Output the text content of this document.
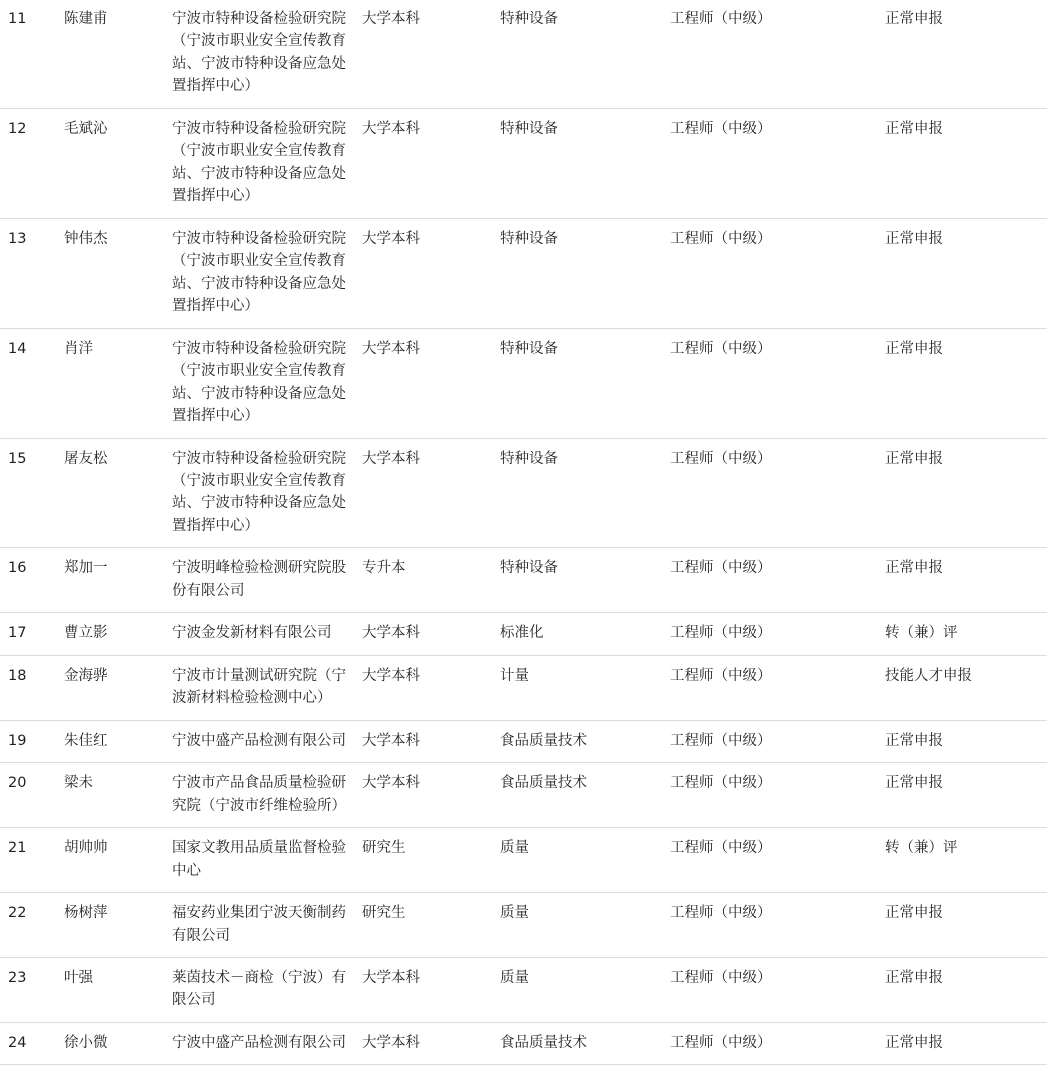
11	陈建甫	宁波市特种设备检验研究院（宁波市职业安全宣传教育站、宁波市特种设备应急处置指挥中心）	大学本科	特种设备	工程师（中级）	正常申报
12	毛斌沁	宁波市特种设备检验研究院（宁波市职业安全宣传教育站、宁波市特种设备应急处置指挥中心）	大学本科	特种设备	工程师（中级）	正常申报
13	钟伟杰	宁波市特种设备检验研究院（宁波市职业安全宣传教育站、宁波市特种设备应急处置指挥中心）	大学本科	特种设备	工程师（中级）	正常申报
14	肖洋	宁波市特种设备检验研究院（宁波市职业安全宣传教育站、宁波市特种设备应急处置指挥中心）	大学本科	特种设备	工程师（中级）	正常申报
15	屠友松	宁波市特种设备检验研究院（宁波市职业安全宣传教育站、宁波市特种设备应急处置指挥中心）	大学本科	特种设备	工程师（中级）	正常申报
16	郑加一	宁波明峰检验检测研究院股份有限公司	专升本	特种设备	工程师（中级）	正常申报
17	曹立影	宁波金发新材料有限公司	大学本科	标准化	工程师（中级）	转（兼）评
18	金海骅	宁波市计量测试研究院（宁波新材料检验检测中心）	大学本科	计量	工程师（中级）	技能人才申报
19	朱佳红	宁波中盛产品检测有限公司	大学本科	食品质量技术	工程师（中级）	正常申报
20	梁未	宁波市产品食品质量检验研究院（宁波市纤维检验所）	大学本科	食品质量技术	工程师（中级）	正常申报
21	胡帅帅	国家文教用品质量监督检验中心	研究生	质量	工程师（中级）	转（兼）评
22	杨树萍	福安药业集团宁波天衡制药有限公司	研究生	质量	工程师（中级）	正常申报
23	叶强	莱茵技术－商检（宁波）有限公司	大学本科	质量	工程师（中级）	正常申报
24	徐小微	宁波中盛产品检测有限公司	大学本科	食品质量技术	工程师（中级）	正常申报
